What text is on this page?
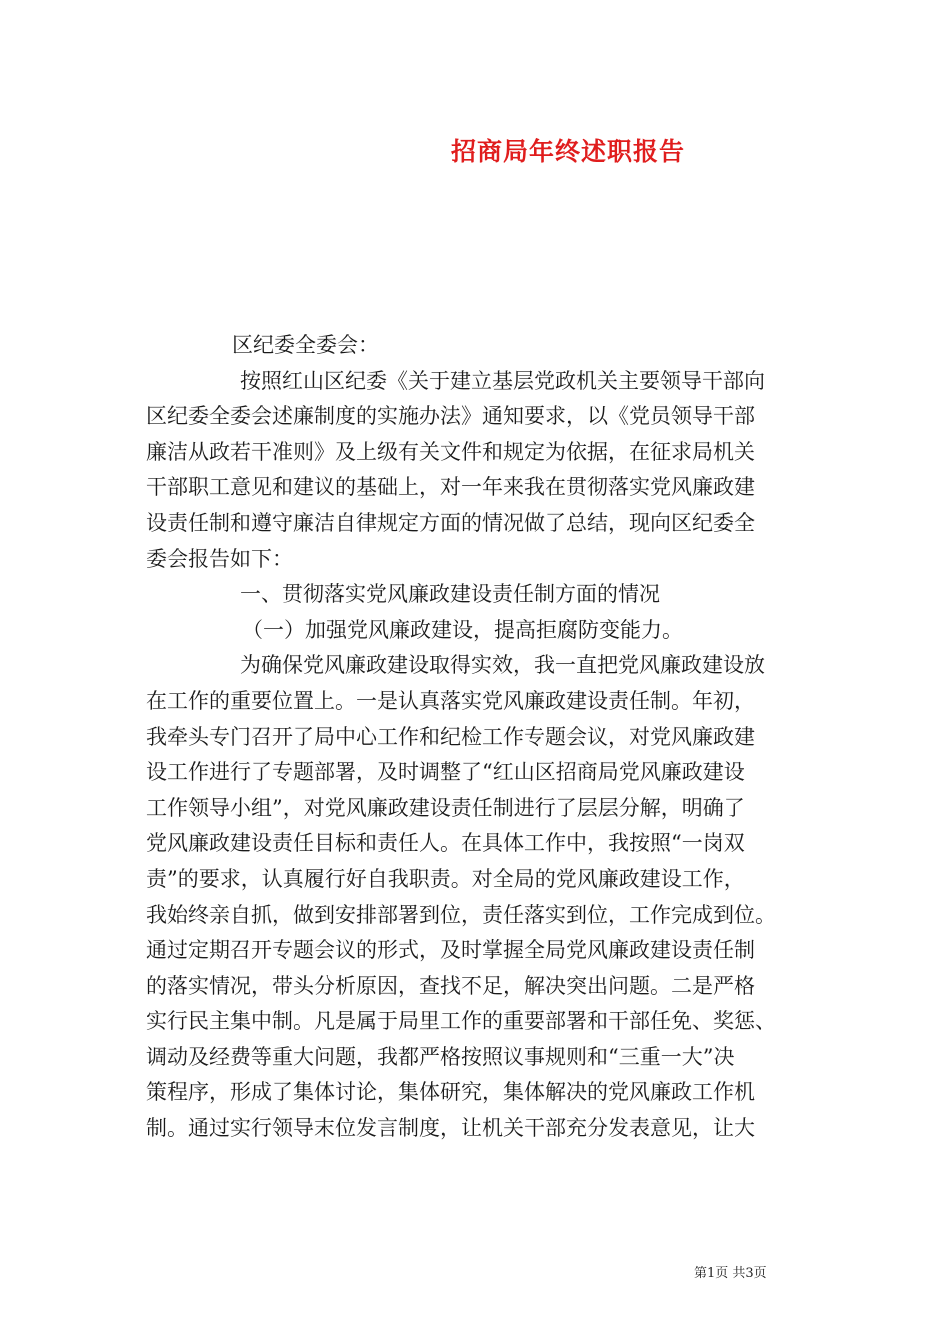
招商局年终述职报告
区纪委全委会：
按照红山区纪委《关于建立基层党政机关主要领导干部向
区纪委全委会述廉制度的实施办法》通知要求，以《党员领导干部
廉洁从政若干准则》及上级有关文件和规定为依据，在征求局机关
干部职工意见和建议的基础上，对一年来我在贯彻落实党风廉政建
设责任制和遵守廉洁自律规定方面的情况做了总结，现向区纪委全
委会报告如下：
一、贯彻落实党风廉政建设责任制方面的情况
（一）加强党风廉政建设，提高拒腐防变能力。
为确保党风廉政建设取得实效，我一直把党风廉政建设放
在工作的重要位置上。一是认真落实党风廉政建设责任制。年初，
我牵头专门召开了局中心工作和纪检工作专题会议，对党风廉政建
设工作进行了专题部署，及时调整了“红山区招商局党风廉政建设
工作领导小组”，对党风廉政建设责任制进行了层层分解，明确了
党风廉政建设责任目标和责任人。在具体工作中，我按照“一岗双
责”的要求，认真履行好自我职责。对全局的党风廉政建设工作，
我始终亲自抓，做到安排部署到位，责任落实到位，工作完成到位。
通过定期召开专题会议的形式，及时掌握全局党风廉政建设责任制
的落实情况，带头分析原因，查找不足，解决突出问题。二是严格
实行民主集中制。凡是属于局里工作的重要部署和干部任免、奖惩、
调动及经费等重大问题，我都严格按照议事规则和“三重一大”决
策程序，形成了集体讨论，集体研究，集体解决的党风廉政工作机
制。通过实行领导末位发言制度，让机关干部充分发表意见，让大
第1页 共3页
